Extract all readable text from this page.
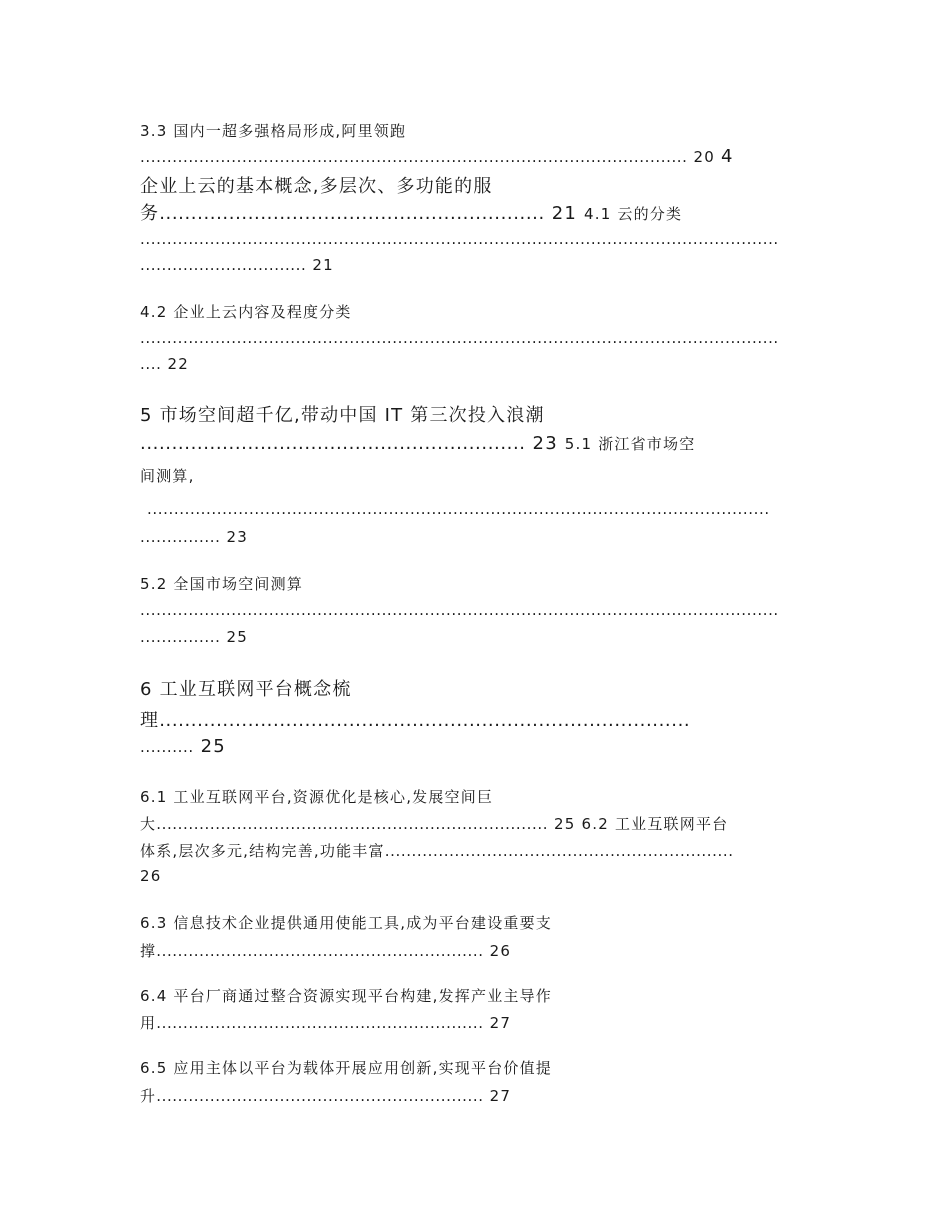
3.3 国内一超多强格局形成,阿里领跑
...................................................................................................... 20 4
企业上云的基本概念,多层次、多功能的服
务............................................................. 21 4.1 云的分类
.......................................................................................................................
............................... 21
4.2 企业上云内容及程度分类
.......................................................................................................................
.... 22
5 市场空间超千亿,带动中国 IT 第三次投入浪潮
............................................................. 23 5.1 浙江省市场空
间测算,
....................................................................................................................
............... 23
5.2 全国市场空间测算
.......................................................................................................................
............... 25
6 工业互联网平台概念梳
理....................................................................................
.......... 25
6.1 工业互联网平台,资源优化是核心,发展空间巨
大......................................................................... 25 6.2 工业互联网平台
体系,层次多元,结构完善,功能丰富.................................................................
26
6.3 信息技术企业提供通用使能工具,成为平台建设重要支
撑............................................................. 26
6.4 平台厂商通过整合资源实现平台构建,发挥产业主导作
用............................................................. 27
6.5 应用主体以平台为载体开展应用创新,实现平台价值提
升............................................................. 27
